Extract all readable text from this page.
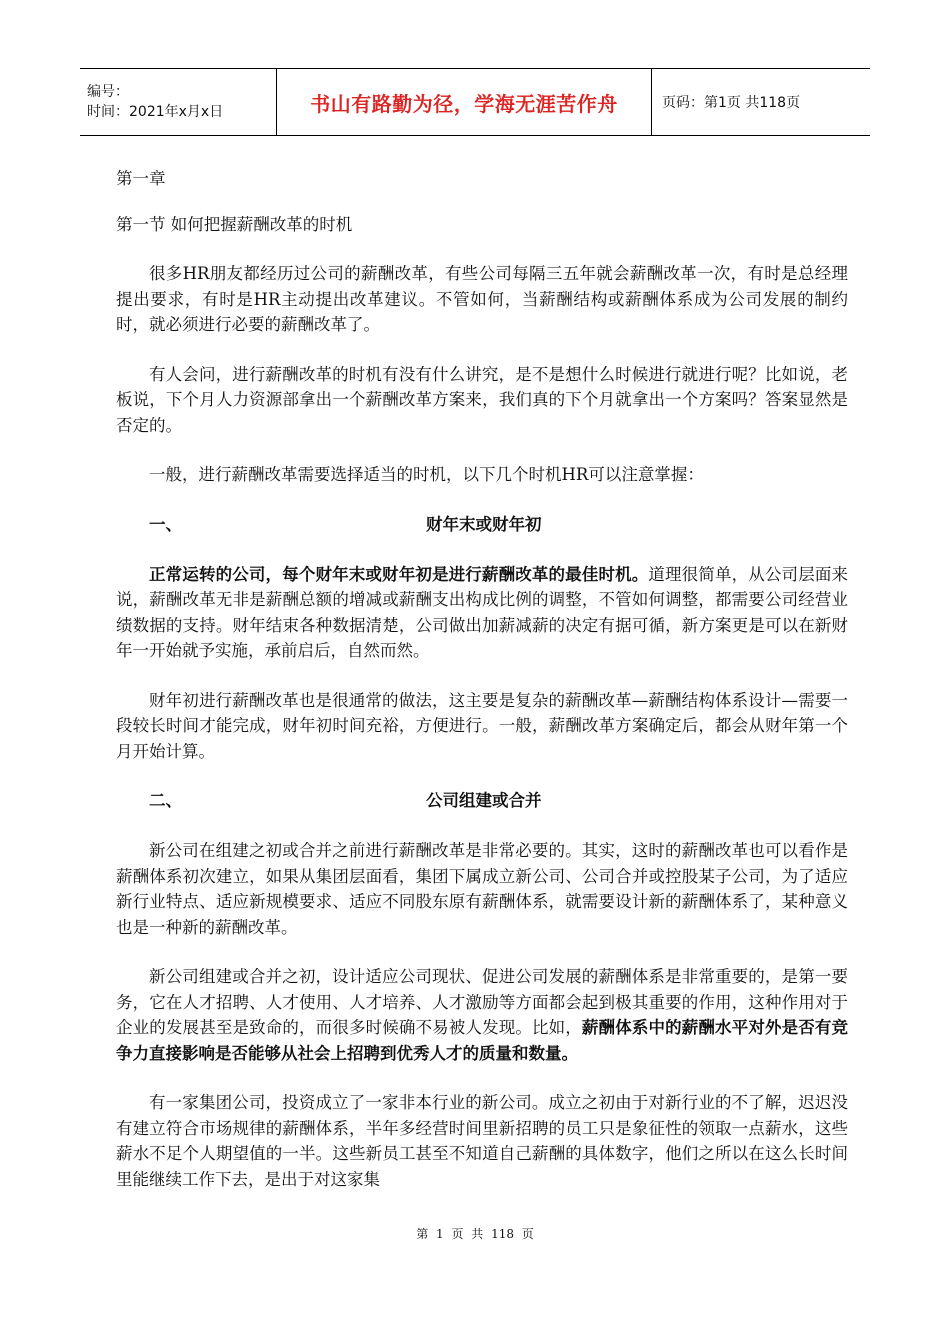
编号：
时间：2021年x月x日	书山有路勤为径，学海无涯苦作舟	页码：第1页 共118页

第一章

第一节 如何把握薪酬改革的时机

很多HR朋友都经历过公司的薪酬改革，有些公司每隔三五年就会薪酬改革一次，有时是总经理提出要求，有时是HR主动提出改革建议。不管如何，当薪酬结构或薪酬体系成为公司发展的制约时，就必须进行必要的薪酬改革了。

有人会问，进行薪酬改革的时机有没有什么讲究，是不是想什么时候进行就进行呢？比如说，老板说，下个月人力资源部拿出一个薪酬改革方案来，我们真的下个月就拿出一个方案吗？答案显然是否定的。

一般，进行薪酬改革需要选择适当的时机，以下几个时机HR可以注意掌握：

一、	财年末或财年初

正常运转的公司，每个财年末或财年初是进行薪酬改革的最佳时机。道理很简单，从公司层面来说，薪酬改革无非是薪酬总额的增减或薪酬支出构成比例的调整，不管如何调整，都需要公司经营业绩数据的支持。财年结束各种数据清楚，公司做出加薪减薪的决定有据可循，新方案更是可以在新财年一开始就予实施，承前启后，自然而然。

财年初进行薪酬改革也是很通常的做法，这主要是复杂的薪酬改革—薪酬结构体系设计—需要一段较长时间才能完成，财年初时间充裕，方便进行。一般，薪酬改革方案确定后，都会从财年第一个月开始计算。

二、	公司组建或合并

新公司在组建之初或合并之前进行薪酬改革是非常必要的。其实，这时的薪酬改革也可以看作是薪酬体系初次建立，如果从集团层面看，集团下属成立新公司、公司合并或控股某子公司，为了适应新行业特点、适应新规模要求、适应不同股东原有薪酬体系，就需要设计新的薪酬体系了，某种意义也是一种新的薪酬改革。

新公司组建或合并之初，设计适应公司现状、促进公司发展的薪酬体系是非常重要的，是第一要务，它在人才招聘、人才使用、人才培养、人才激励等方面都会起到极其重要的作用，这种作用对于企业的发展甚至是致命的，而很多时候确不易被人发现。比如，薪酬体系中的薪酬水平对外是否有竞争力直接影响是否能够从社会上招聘到优秀人才的质量和数量。

有一家集团公司，投资成立了一家非本行业的新公司。成立之初由于对新行业的不了解，迟迟没有建立符合市场规律的薪酬体系，半年多经营时间里新招聘的员工只是象征性的领取一点薪水，这些薪水不足个人期望值的一半。这些新员工甚至不知道自己薪酬的具体数字，他们之所以在这么长时间里能继续工作下去，是出于对这家集

第 1 页 共 118 页
